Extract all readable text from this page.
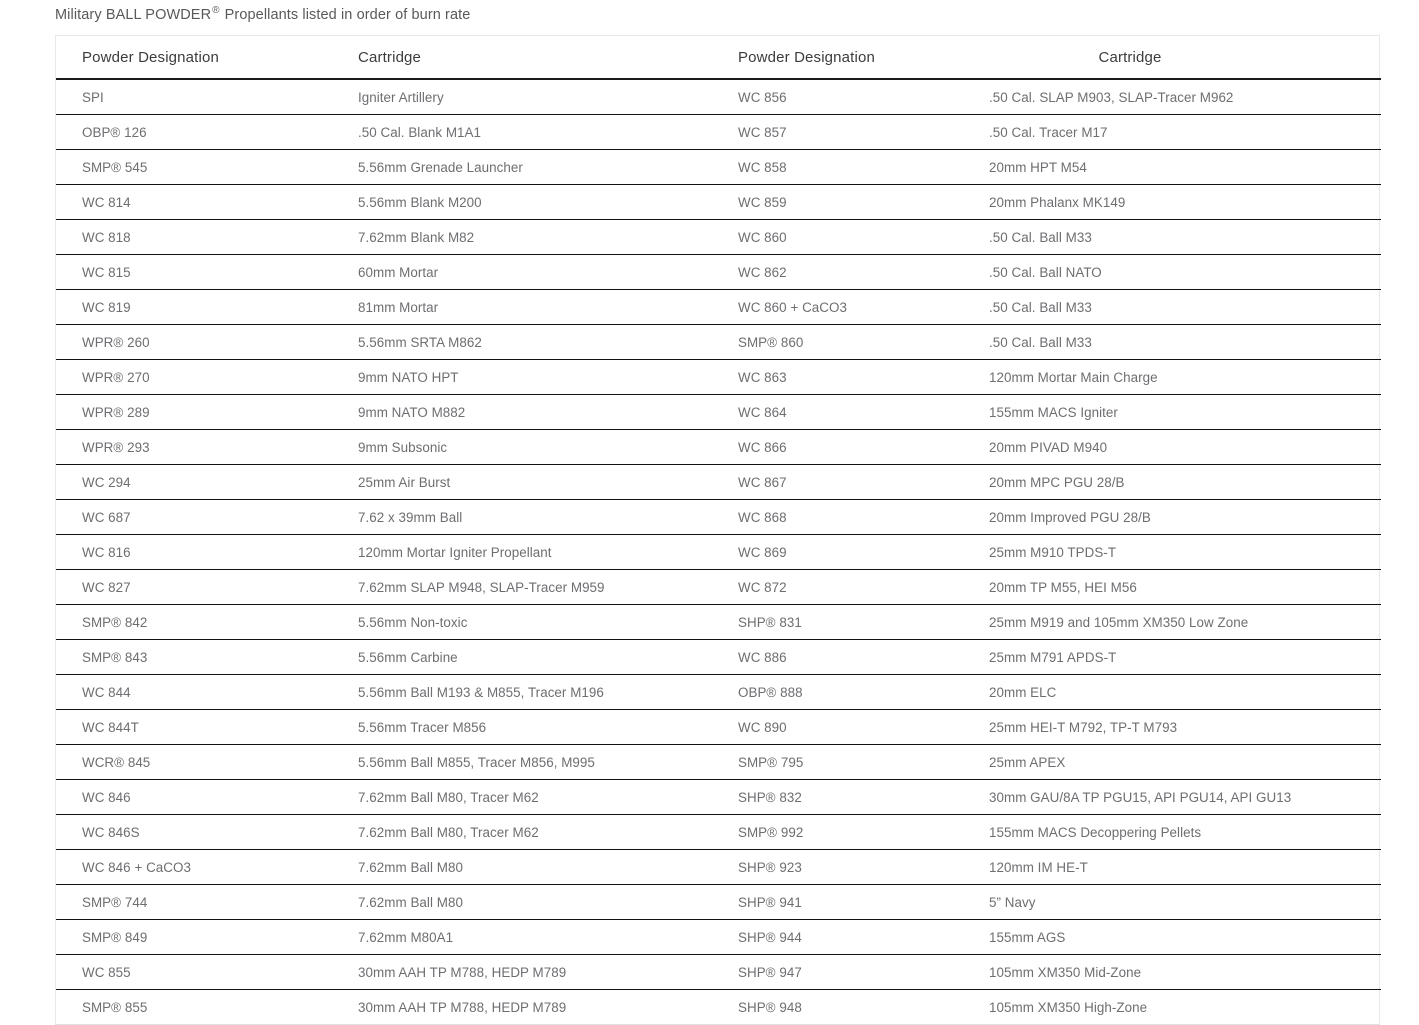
Military BALL POWDER® Propellants listed in order of burn rate
Powder Designation	Cartridge	Powder Designation	Cartridge
SPI	Igniter Artillery	WC 856	.50 Cal. SLAP M903, SLAP-Tracer M962
OBP® 126	.50 Cal. Blank M1A1	WC 857	.50 Cal. Tracer M17
SMP® 545	5.56mm Grenade Launcher	WC 858	20mm HPT M54
WC 814	5.56mm Blank M200	WC 859	20mm Phalanx MK149
WC 818	7.62mm Blank M82	WC 860	.50 Cal. Ball M33
WC 815	60mm Mortar	WC 862	.50 Cal. Ball NATO
WC 819	81mm Mortar	WC 860 + CaCO3	.50 Cal. Ball M33
WPR® 260	5.56mm SRTA M862	SMP® 860	.50 Cal. Ball M33
WPR® 270	9mm NATO HPT	WC 863	120mm Mortar Main Charge
WPR® 289	9mm NATO M882	WC 864	155mm MACS Igniter
WPR® 293	9mm Subsonic	WC 866	20mm PIVAD M940
WC 294	25mm Air Burst	WC 867	20mm MPC PGU 28/B
WC 687	7.62 x 39mm Ball	WC 868	20mm Improved PGU 28/B
WC 816	120mm Mortar Igniter Propellant	WC 869	25mm M910 TPDS-T
WC 827	7.62mm SLAP M948, SLAP-Tracer M959	WC 872	20mm TP M55, HEI M56
SMP® 842	5.56mm Non-toxic	SHP® 831	25mm M919 and 105mm XM350 Low Zone
SMP® 843	5.56mm Carbine	WC 886	25mm M791 APDS-T
WC 844	5.56mm Ball M193 & M855, Tracer M196	OBP® 888	20mm ELC
WC 844T	5.56mm Tracer M856	WC 890	25mm HEI-T M792, TP-T M793
WCR® 845	5.56mm Ball M855, Tracer M856, M995	SMP® 795	25mm APEX
WC 846	7.62mm Ball M80, Tracer M62	SHP® 832	30mm GAU/8A TP PGU15, API PGU14, API GU13
WC 846S	7.62mm Ball M80, Tracer M62	SMP® 992	155mm MACS Decoppering Pellets
WC 846 + CaCO3	7.62mm Ball M80	SHP® 923	120mm IM HE-T
SMP® 744	7.62mm Ball M80	SHP® 941	5” Navy
SMP® 849	7.62mm M80A1	SHP® 944	155mm AGS
WC 855	30mm AAH TP M788, HEDP M789	SHP® 947	105mm XM350 Mid-Zone
SMP® 855	30mm AAH TP M788, HEDP M789	SHP® 948	105mm XM350 High-Zone
